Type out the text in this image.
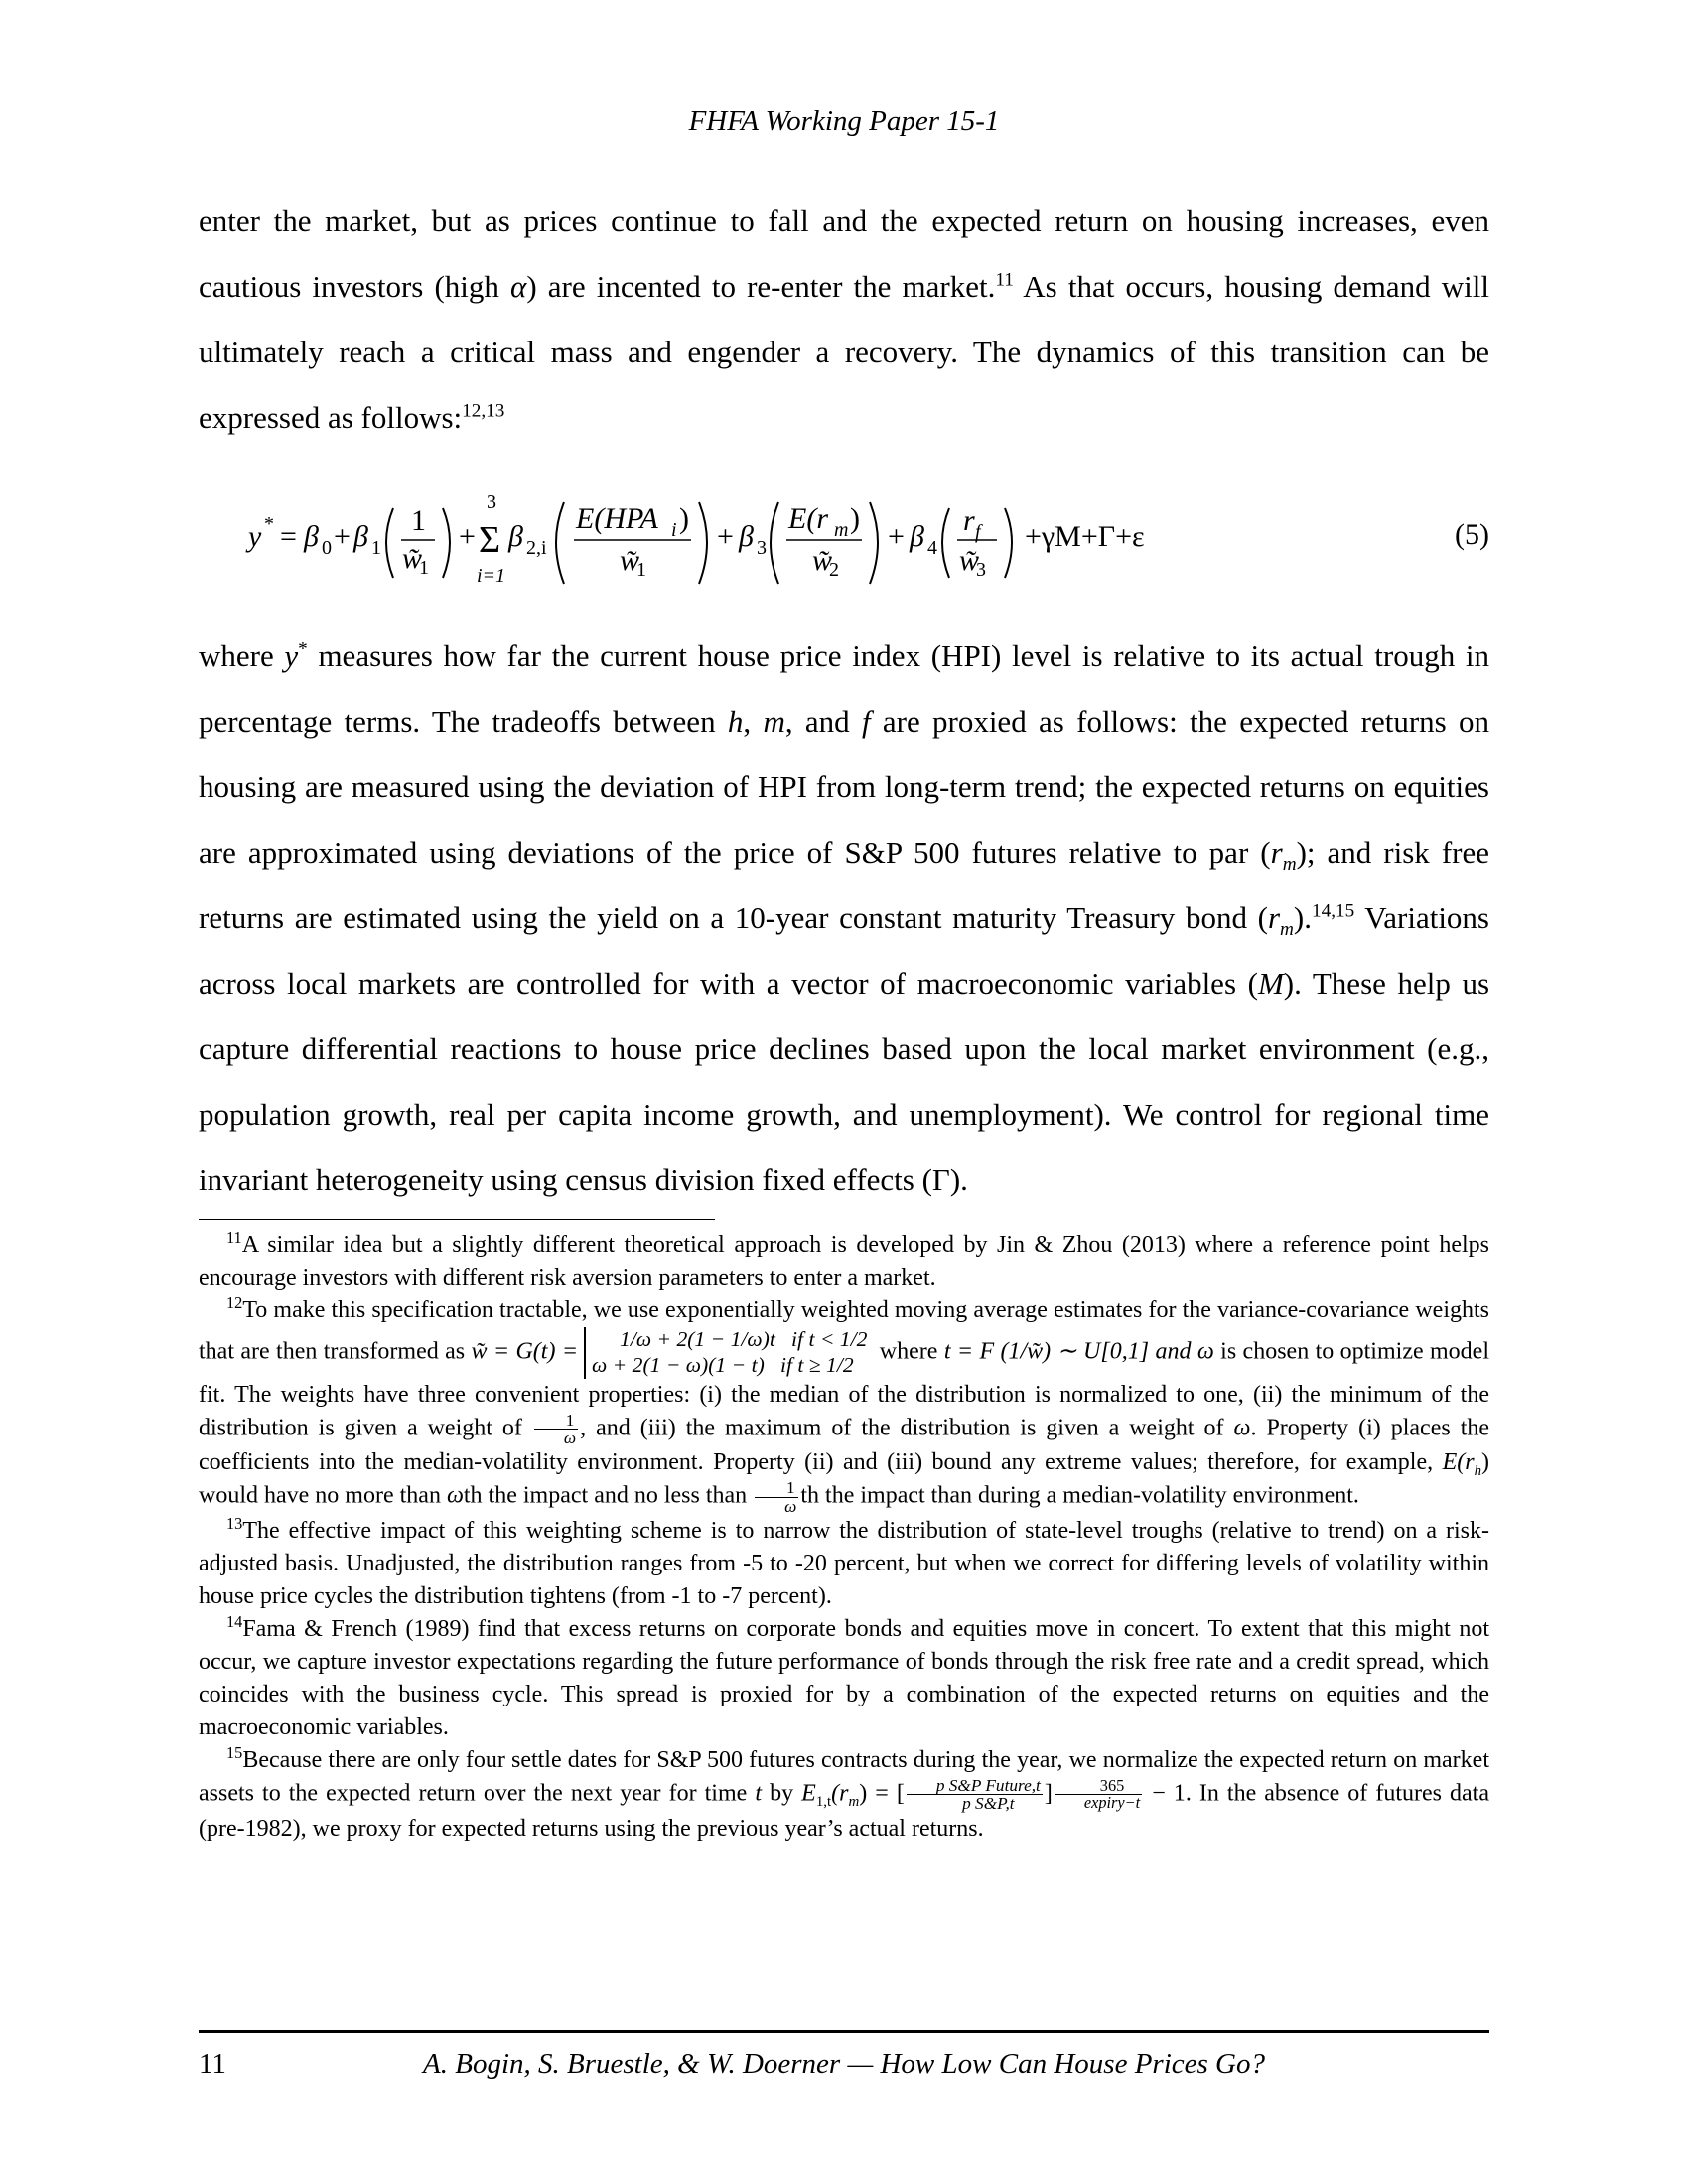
FHFA Working Paper 15-1

enter the market, but as prices continue to fall and the expected return on housing increases, even cautious investors (high α) are incented to re-enter the market.$^{11}$ As that occurs, housing demand will ultimately reach a critical mass and engender a recovery. The dynamics of this transition can be expressed as follows:$^{12,13}$

y * = β 0 + β 1
1
w̃
1
+
3
Σ
i=1
β 2,i
E(HPA i )
w̃
1
+ β 3
E(r m )
w̃
2
+ β 4
r f
w̃
3
+γM+Γ+ε	(5)

where y* measures how far the current house price index (HPI) level is relative to its actual trough in percentage terms. The tradeoffs between h, m, and f are proxied as follows: the expected returns on housing are measured using the deviation of HPI from long-term trend; the expected returns on equities are approximated using deviations of the price of S&P 500 futures relative to par $(r_m)$; and risk free returns are estimated using the yield on a 10-year constant maturity Treasury bond $(r_m).^{14,15}$ Variations across local markets are controlled for with a vector of macroeconomic variables (M). These help us capture differential reactions to house price declines based upon the local market environment (e.g., population growth, real per capita income growth, and unemployment). We control for regional time invariant heterogeneity using census division fixed effects (Γ).

$^{11}$A similar idea but a slightly different theoretical approach is developed by Jin & Zhou (2013) where a reference point helps encourage investors with different risk aversion parameters to enter a market.

$^{12}$To make this specification tractable, we use exponentially weighted moving average estimates for the variance-covariance weights that are then transformed as w̃ = G(t) = 1/ω + 2(1 − 1/ω)t if t < 1/2
ω + 2(1 − ω)(1 − t) if t ≥ 1/2 where t = F (1/w̃) ∼ U[0,1] and ω is chosen to optimize model fit. The weights have three convenient properties: (i) the median of the distribution is normalized to one, (ii) the minimum of the distribution is given a weight of $\frac{1}{\omega}$ , and (iii) the maximum of the distribution is given a weight of ω. Property (i) places the coefficients into the median-volatility environment. Property (ii) and (iii) bound any extreme values; therefore, for example, $E(r_h)$ would have no more than ωth the impact and no less than $\frac{1}{\omega}$ th the impact than during a median-volatility environment.

$^{13}$The effective impact of this weighting scheme is to narrow the distribution of state-level troughs (relative to trend) on a risk-adjusted basis. Unadjusted, the distribution ranges from -5 to -20 percent, but when we correct for differing levels of volatility within house price cycles the distribution tightens (from -1 to -7 percent).

$^{14}$Fama & French (1989) find that excess returns on corporate bonds and equities move in concert. To extent that this might not occur, we capture investor expectations regarding the future performance of bonds through the risk free rate and a credit spread, which coincides with the business cycle. This spread is proxied for by a combination of the expected returns on equities and the macroeconomic variables.

$^{15}$Because there are only four settle dates for S&P 500 futures contracts during the year, we normalize the expected return on market assets to the expected return over the next year for time t by $E_{1,t}(r_m)$ = [ $\frac{\text{p S\&P Future,t}}{\text{p S\&P,t}}$ ] $\frac{365}{\text{expiry−t}} - 1$. In the absence of futures data (pre-1982), we proxy for expected returns using the previous year’s actual returns.

11	A. Bogin, S. Bruestle, & W. Doerner — How Low Can House Prices Go?
